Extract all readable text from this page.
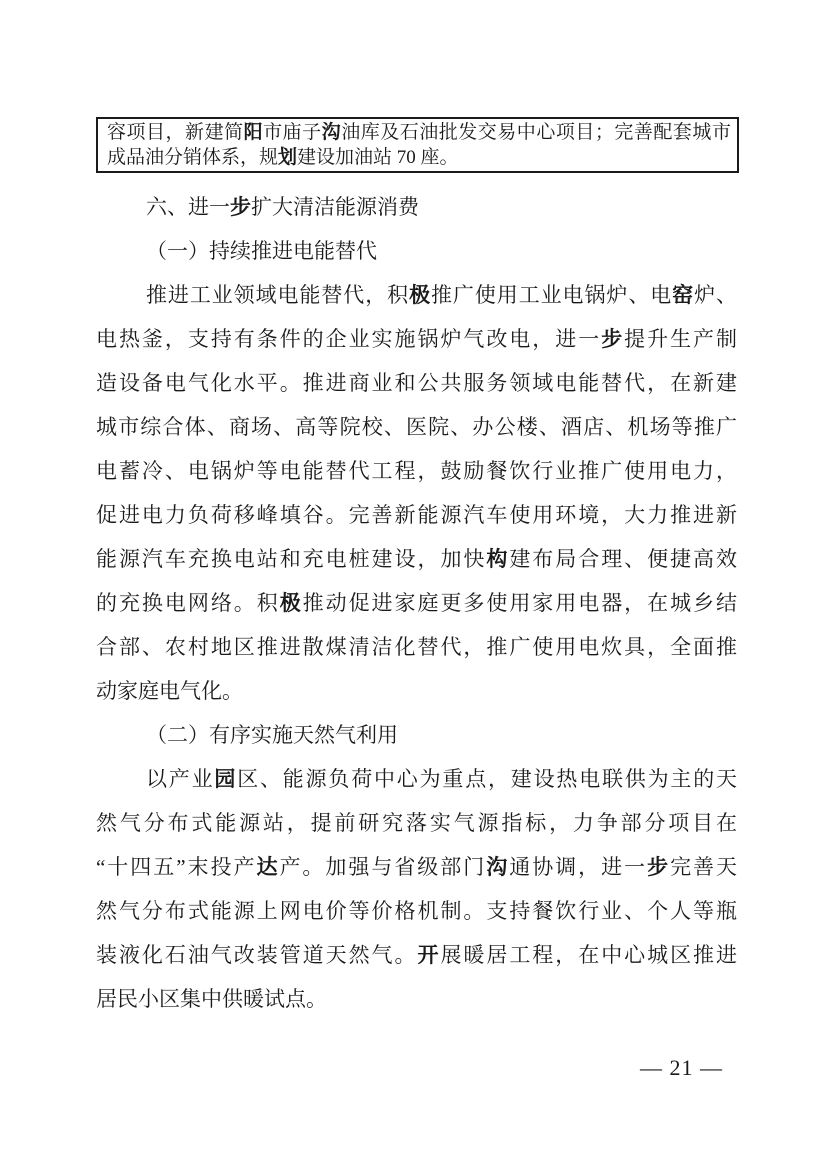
容项目，新建简阳市庙子沟油库及石油批发交易中心项目；完善配套城市
成品油分销体系，规划建设加油站 70 座。
六、进一步扩大清洁能源消费
（一）持续推进电能替代
推进工业领域电能替代，积极推广使用工业电锅炉、电窑炉、
电热釜，支持有条件的企业实施锅炉气改电，进一步提升生产制
造设备电气化水平。推进商业和公共服务领域电能替代，在新建
城市综合体、商场、高等院校、医院、办公楼、酒店、机场等推广
电蓄冷、电锅炉等电能替代工程，鼓励餐饮行业推广使用电力，
促进电力负荷移峰填谷。完善新能源汽车使用环境，大力推进新
能源汽车充换电站和充电桩建设，加快构建布局合理、便捷高效
的充换电网络。积极推动促进家庭更多使用家用电器，在城乡结
合部、农村地区推进散煤清洁化替代，推广使用电炊具，全面推
动家庭电气化。
（二）有序实施天然气利用
以产业园区、能源负荷中心为重点，建设热电联供为主的天
然气分布式能源站，提前研究落实气源指标，力争部分项目在
“十四五”末投产达产。加强与省级部门沟通协调，进一步完善天
然气分布式能源上网电价等价格机制。支持餐饮行业、个人等瓶
装液化石油气改装管道天然气。开展暖居工程，在中心城区推进
居民小区集中供暖试点。
— 21 —
